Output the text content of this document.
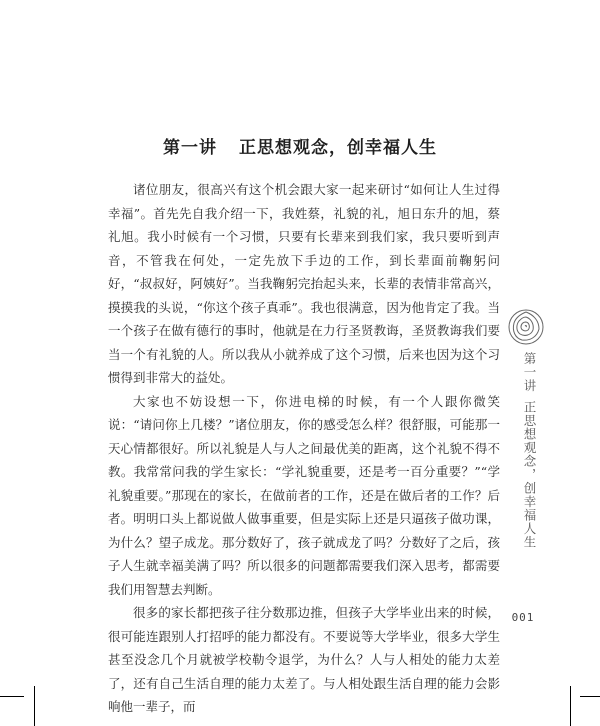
第一讲 正思想观念，创幸福人生

诸位朋友，很高兴有这个机会跟大家一起来研讨“如何让人生过得幸福”。首先先自我介绍一下，我姓蔡，礼貌的礼，旭日东升的旭，蔡礼旭。我小时候有一个习惯，只要有长辈来到我们家，我只要听到声音，不管我在何处，一定先放下手边的工作，到长辈面前鞠躬问好，“叔叔好，阿姨好”。当我鞠躬完抬起头来，长辈的表情非常高兴，摸摸我的头说，“你这个孩子真乖”。我也很满意，因为他肯定了我。当一个孩子在做有德行的事时，他就是在力行圣贤教诲，圣贤教诲我们要当一个有礼貌的人。所以我从小就养成了这个习惯，后来也因为这个习惯得到非常大的益处。

大家也不妨设想一下，你进电梯的时候，有一个人跟你微笑说：“请问你上几楼？”诸位朋友，你的感受怎么样？很舒服，可能那一天心情都很好。所以礼貌是人与人之间最优美的距离，这个礼貌不得不教。我常常问我的学生家长：“学礼貌重要，还是考一百分重要？”“学礼貌重要。”那现在的家长，在做前者的工作，还是在做后者的工作？后者。明明口头上都说做人做事重要，但是实际上还是只逼孩子做功课，为什么？望子成龙。那分数好了，孩子就成龙了吗？分数好了之后，孩子人生就幸福美满了吗？所以很多的问题都需要我们深入思考，都需要我们用智慧去判断。

很多的家长都把孩子往分数那边推，但孩子大学毕业出来的时候，很可能连跟别人打招呼的能力都没有。不要说等大学毕业，很多大学生甚至没念几个月就被学校勒令退学，为什么？人与人相处的能力太差了，还有自己生活自理的能力太差了。与人相处跟生活自理的能力会影响他一辈子，而

第一讲正思想观念，创幸福人生
001
